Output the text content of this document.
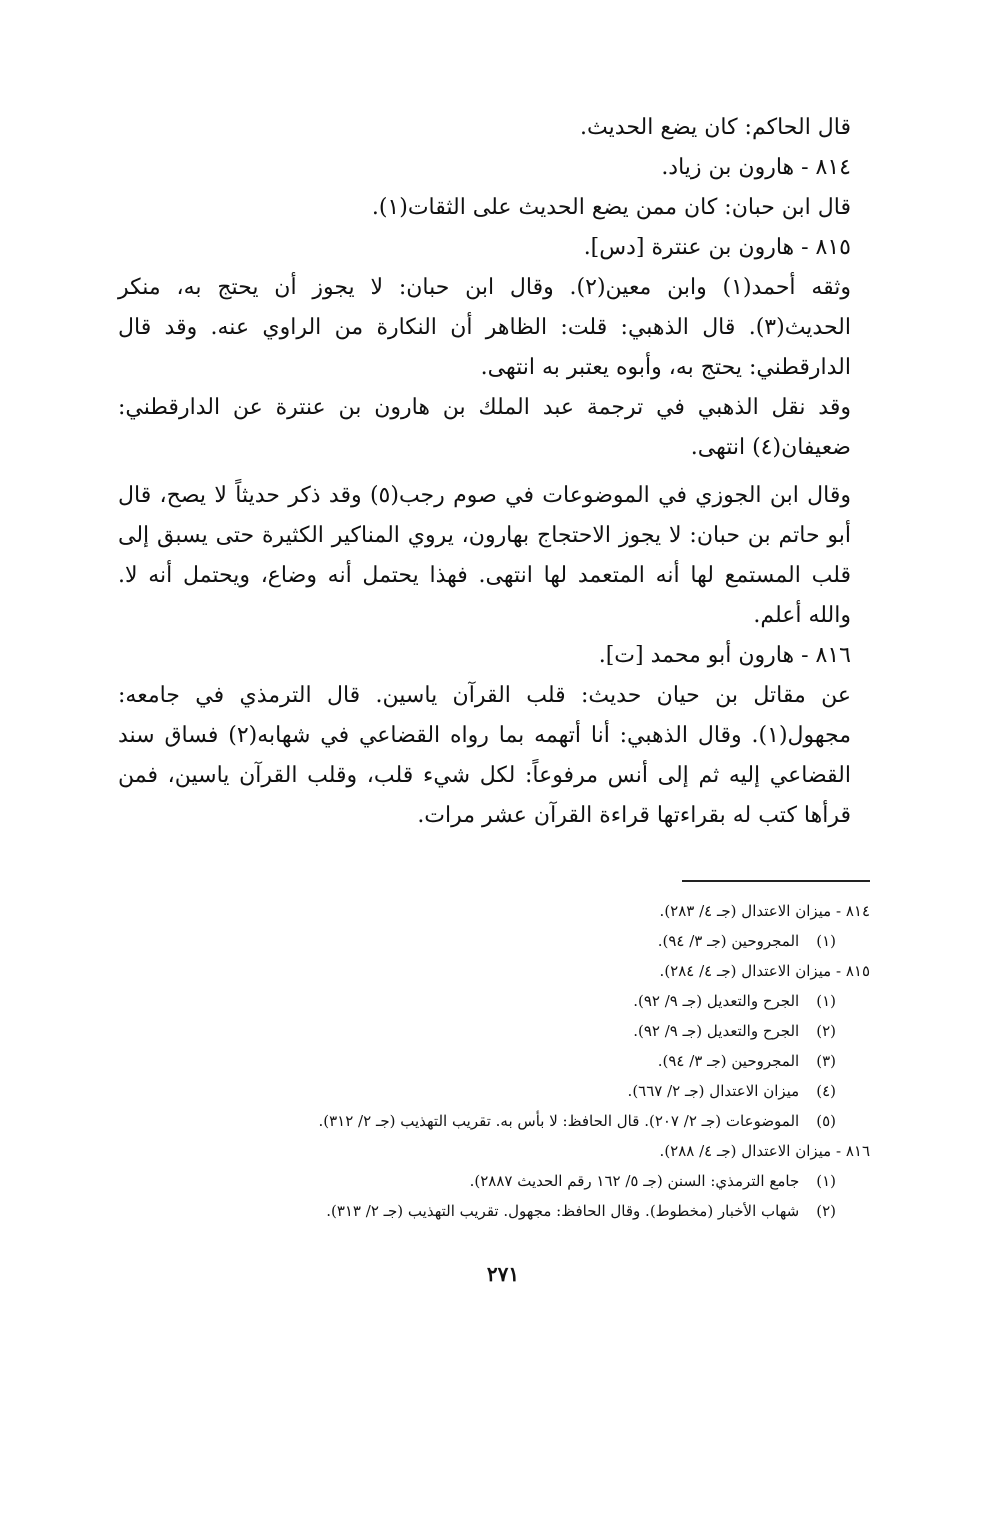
قال الحاكم: كان يضع الحديث.

٨١٤ - هارون بن زياد.

قال ابن حبان: كان ممن يضع الحديث على الثقات(١).

٨١٥ - هارون بن عنترة [دس].

وثقه أحمد(١) وابن معين(٢). وقال ابن حبان: لا يجوز أن يحتج به، منكر الحديث(٣). قال الذهبي: قلت: الظاهر أن النكارة من الراوي عنه. وقد قال الدارقطني: يحتج به، وأبوه يعتبر به انتهى.

وقد نقل الذهبي في ترجمة عبد الملك بن هارون بن عنترة عن الدارقطني: ضعيفان(٤) انتهى.

وقال ابن الجوزي في الموضوعات في صوم رجب(٥) وقد ذكر حديثاً لا يصح، قال أبو حاتم بن حبان: لا يجوز الاحتجاج بهارون، يروي المناكير الكثيرة حتى يسبق إلى قلب المستمع لها أنه المتعمد لها انتهى. فهذا يحتمل أنه وضاع، ويحتمل أنه لا. والله أعلم.

٨١٦ - هارون أبو محمد [ت].

عن مقاتل بن حيان حديث: قلب القرآن ياسين. قال الترمذي في جامعه: مجهول(١). وقال الذهبي: أنا أتهمه بما رواه القضاعي في شهابه(٢) فساق سند القضاعي إليه ثم إلى أنس مرفوعاً: لكل شيء قلب، وقلب القرآن ياسين، فمن قرأها كتب له بقراءتها قراءة القرآن عشر مرات.

٨١٤ - ميزان الاعتدال (جـ ٤/ ٢٨٣).

(١) المجروحين (جـ ٣/ ٩٤).

٨١٥ - ميزان الاعتدال (جـ ٤/ ٢٨٤).

(١) الجرح والتعديل (جـ ٩/ ٩٢).

(٢) الجرح والتعديل (جـ ٩/ ٩٢).

(٣) المجروحين (جـ ٣/ ٩٤).

(٤) ميزان الاعتدال (جـ ٢/ ٦٦٧).

(٥) الموضوعات (جـ ٢/ ٢٠٧). قال الحافظ: لا بأس به. تقريب التهذيب (جـ ٢/ ٣١٢).

٨١٦ - ميزان الاعتدال (جـ ٤/ ٢٨٨).

(١) جامع الترمذي: السنن (جـ ٥/ ١٦٢ رقم الحديث ٢٨٨٧).

(٢) شهاب الأخبار (مخطوط). وقال الحافظ: مجهول. تقريب التهذيب (جـ ٢/ ٣١٣).

٢٧١
